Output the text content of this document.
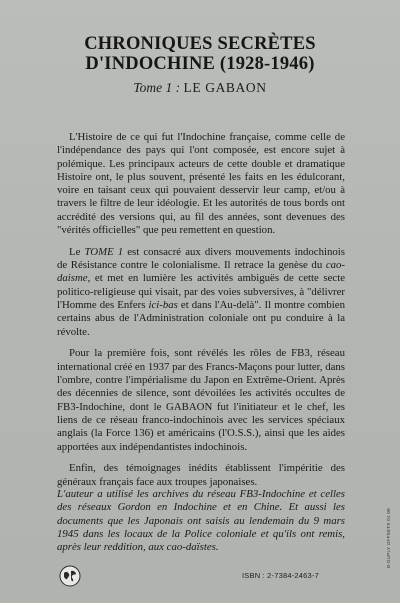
CHRONIQUES SECRÈTES
D'INDOCHINE (1928-1946)
Tome 1 : LE GABAON

L'Histoire de ce qui fut l'Indochine française, comme celle de l'indépendance des pays qui l'ont composée, est encore sujet à polémique. Les principaux acteurs de cette double et dramatique Histoire ont, le plus souvent, présenté les faits en les édulcorant, voire en taisant ceux qui pouvaient desservir leur camp, et/ou à travers le filtre de leur idéologie. Et les autorités de tous bords ont accrédité des versions qui, au fil des années, sont devenues des "vérités officielles" que peu remettent en question.

Le TOME 1 est consacré aux divers mouvements indochinois de Résistance contre le colonialisme. Il retrace la genèse du cao-daisme, et met en lumière les activités ambiguës de cette secte politico-religieuse qui visait, par des voies subversives, à "délivrer l'Homme des Enfers ici-bas et dans l'Au-delà". Il montre combien certains abus de l'Administration coloniale ont pu conduire à la révolte.

Pour la première fois, sont révélés les rôles de FB3, réseau international créé en 1937 par des Francs-Maçons pour lutter, dans l'ombre, contre l'impérialisme du Japon en Extrême-Orient. Après des décennies de silence, sont dévoilées les activités occultes de FB3-Indochine, dont le GABAON fut l'initiateur et le chef, les liens de ce réseau franco-indochinois avec les services spéciaux anglais (la Force 136) et américains (l'O.S.S.), ainsi que les aides apportées aux indépendantistes indochinois.

Enfin, des témoignages inédits établissent l'impéritie des généraux français face aux troupes japonaises.

L'auteur a utilisé les archives du réseau FB3-Indochine et celles des réseaux Gordon en Indochine et en Chine. Et aussi les documents que les Japonais ont saisis au lendemain du 9 mars 1945 dans les locaux de la Police coloniale et qu'ils ont remis, après leur reddition, aux cao-daïstes.	B-DUPLY OFFSETS 01 08
ISBN : 2-7384-2463-7
